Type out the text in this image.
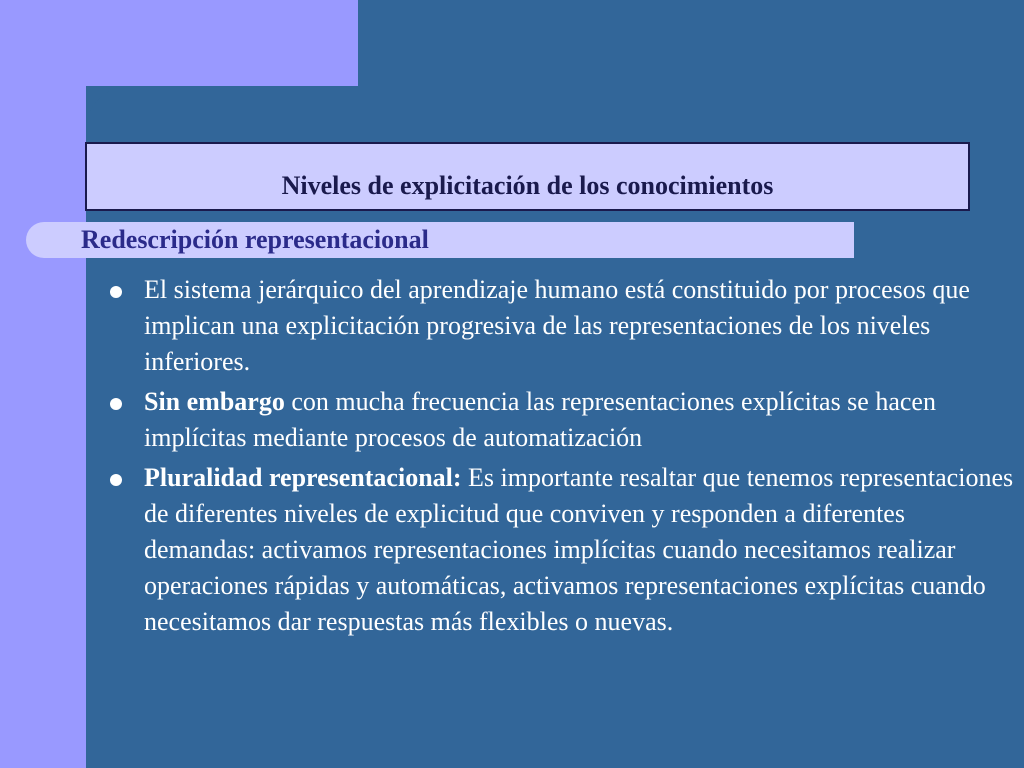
Niveles de explicitación de los conocimientos
Redescripción representacional
El sistema jerárquico del aprendizaje humano está constituido por procesos que implican una explicitación progresiva de las representaciones de los niveles inferiores.
Sin embargo con mucha frecuencia las representaciones explícitas se hacen implícitas mediante procesos de automatización
Pluralidad representacional: Es importante resaltar que tenemos representaciones de diferentes niveles de explicitud que conviven y responden a diferentes demandas: activamos representaciones implícitas cuando necesitamos realizar operaciones rápidas y automáticas, activamos representaciones explícitas cuando necesitamos dar respuestas más flexibles o nuevas.
